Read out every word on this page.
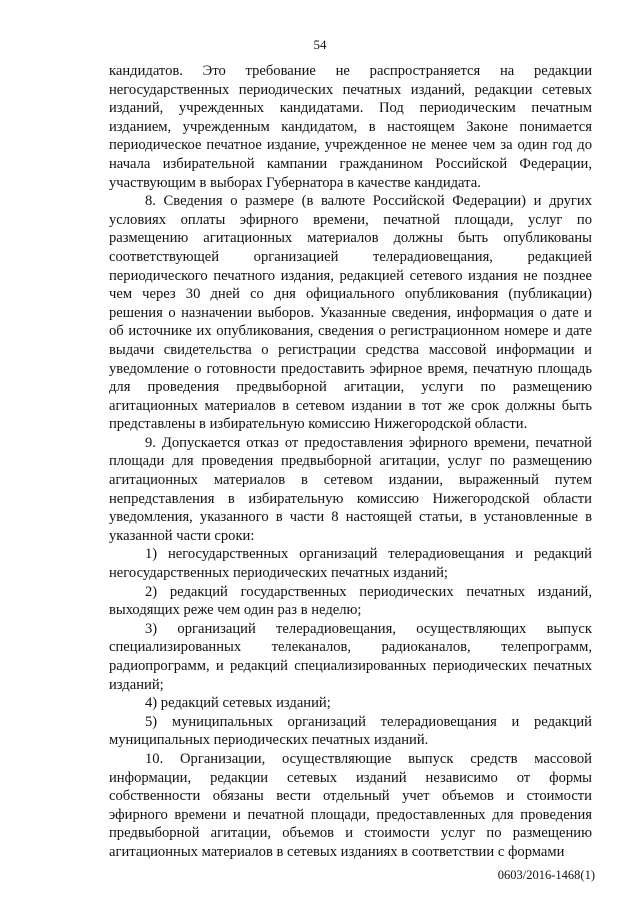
54

кандидатов. Это требование не распространяется на редакции негосударственных периодических печатных изданий, редакции сетевых изданий, учрежденных кандидатами. Под периодическим печатным изданием, учрежденным кандидатом, в настоящем Законе понимается периодическое печатное издание, учрежденное не менее чем за один год до начала избирательной кампании гражданином Российской Федерации, участвующим в выборах Губернатора в качестве кандидата.

8. Сведения о размере (в валюте Российской Федерации) и других условиях оплаты эфирного времени, печатной площади, услуг по размещению агитационных материалов должны быть опубликованы соответствующей организацией телерадиовещания, редакцией периодического печатного издания, редакцией сетевого издания не позднее чем через 30 дней со дня официального опубликования (публикации) решения о назначении выборов. Указанные сведения, информация о дате и об источнике их опубликования, сведения о регистрационном номере и дате выдачи свидетельства о регистрации средства массовой информации и уведомление о готовности предоставить эфирное время, печатную площадь для проведения предвыборной агитации, услуги по размещению агитационных материалов в сетевом издании в тот же срок должны быть представлены в избирательную комиссию Нижегородской области.

9. Допускается отказ от предоставления эфирного времени, печатной площади для проведения предвыборной агитации, услуг по размещению агитационных материалов в сетевом издании, выраженный путем непредставления в избирательную комиссию Нижегородской области уведомления, указанного в части 8 настоящей статьи, в установленные в указанной части сроки:

1) негосударственных организаций телерадиовещания и редакций негосударственных периодических печатных изданий;

2) редакций государственных периодических печатных изданий, выходящих реже чем один раз в неделю;

3) организаций телерадиовещания, осуществляющих выпуск специализированных телеканалов, радиоканалов, телепрограмм, радиопрограмм, и редакций специализированных периодических печатных изданий;

4) редакций сетевых изданий;

5) муниципальных организаций телерадиовещания и редакций муниципальных периодических печатных изданий.

10. Организации, осуществляющие выпуск средств массовой информации, редакции сетевых изданий независимо от формы собственности обязаны вести отдельный учет объемов и стоимости эфирного времени и печатной площади, предоставленных для проведения предвыборной агитации, объемов и стоимости услуг по размещению агитационных материалов в сетевых изданиях в соответствии с формами

0603/2016-1468(1)
